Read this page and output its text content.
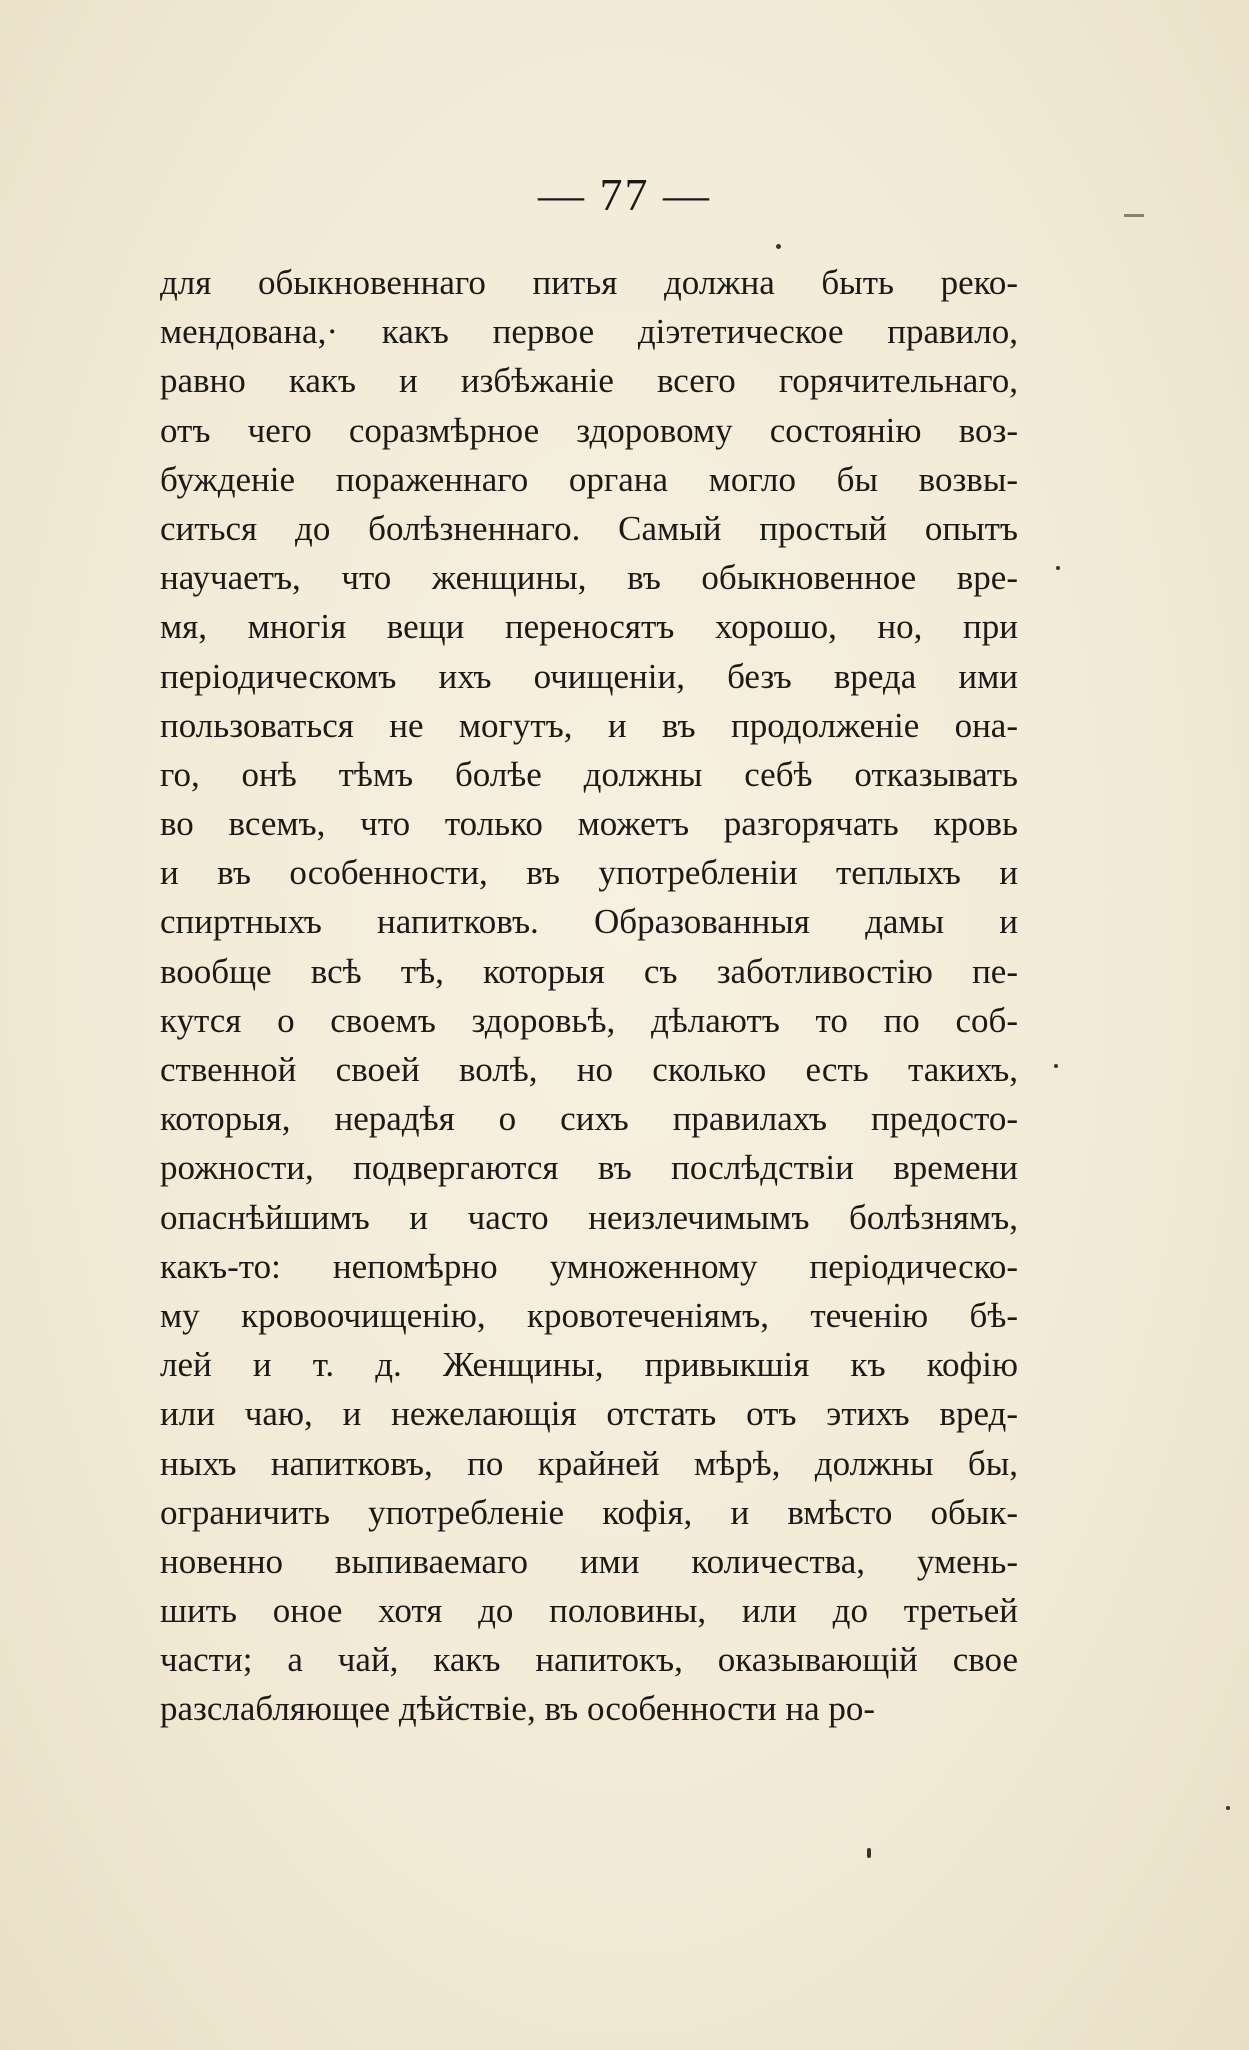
— 77 —
для обыкновеннаго питья должна быть реко-
мендована,· какъ первое діэтетическое правило,
равно какъ и избѣжаніе всего горячительнаго,
отъ чего соразмѣрное здоровому состоянію воз-
бужденіе пораженнаго органа могло бы возвы-
ситься до болѣзненнаго. Самый простый опытъ
научаетъ, что женщины, въ обыкновенное вре-
мя, многія вещи переносятъ хорошо, но, при
періодическомъ ихъ очищеніи, безъ вреда ими
пользоваться не могутъ, и въ продолженіе она-
го, онѣ тѣмъ болѣе должны себѣ отказывать
во всемъ, что только можетъ разгорячать кровь
и въ особенности, въ употребленіи теплыхъ и
спиртныхъ напитковъ. Образованныя дамы и
вообще всѣ тѣ, которыя съ заботливостію пе-
кутся о своемъ здоровьѣ, дѣлаютъ то по соб-
ственной своей волѣ, но сколько есть такихъ,
которыя, нерадѣя о сихъ правилахъ предосто-
рожности, подвергаются въ послѣдствіи времени
опаснѣйшимъ и часто неизлечимымъ болѣзнямъ,
какъ-то: непомѣрно умноженному періодическо-
му кровоочищенію, кровотеченіямъ, теченію бѣ-
лей и т. д. Женщины, привыкшія къ кофію
или чаю, и нежелающія отстать отъ этихъ вред-
ныхъ напитковъ, по крайней мѣрѣ, должны бы,
ограничить употребленіе кофія, и вмѣсто обык-
новенно выпиваемаго ими количества, умень-
шить оное хотя до половины, или до третьей
части; а чай, какъ напитокъ, оказывающій свое
разслабляющее дѣйствіе, въ особенности на ро-
